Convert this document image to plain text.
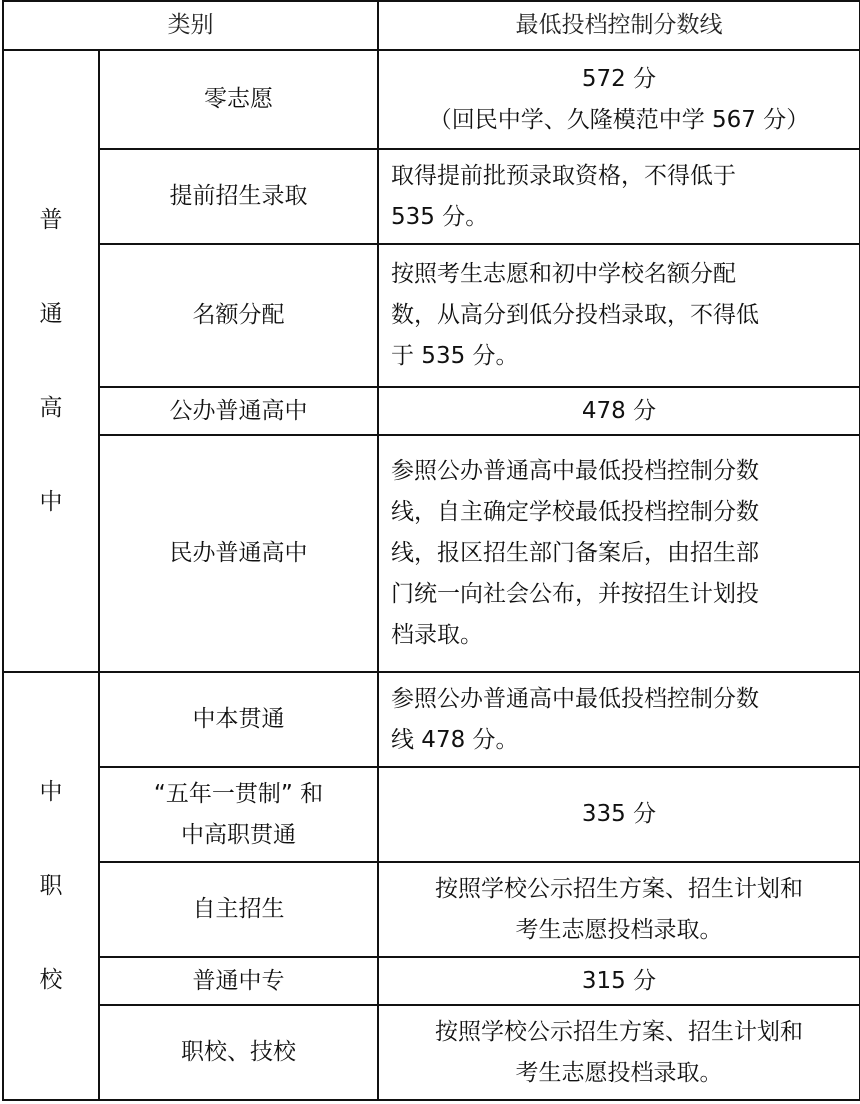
类别		最低投档控制分数线

普
通
高
中	零志愿	572 分
（回民中学、久隆模范中学 567 分）

	提前招生录取	取得提前批预录取资格，不得低于
535 分。

	名额分配	按照考生志愿和初中学校名额分配
数，从高分到低分投档录取，不得低
于 535 分。

	公办普通高中	478 分

	民办普通高中	参照公办普通高中最低投档控制分数
线，自主确定学校最低投档控制分数
线，报区招生部门备案后，由招生部
门统一向社会公布，并按招生计划投
档录取。

中
职
校	中本贯通	参照公办普通高中最低投档控制分数
线 478 分。

	“五年一贯制” 和
中高职贯通	335 分

	自主招生	按照学校公示招生方案、招生计划和
考生志愿投档录取。

	普通中专	315 分

	职校、技校	按照学校公示招生方案、招生计划和
考生志愿投档录取。
